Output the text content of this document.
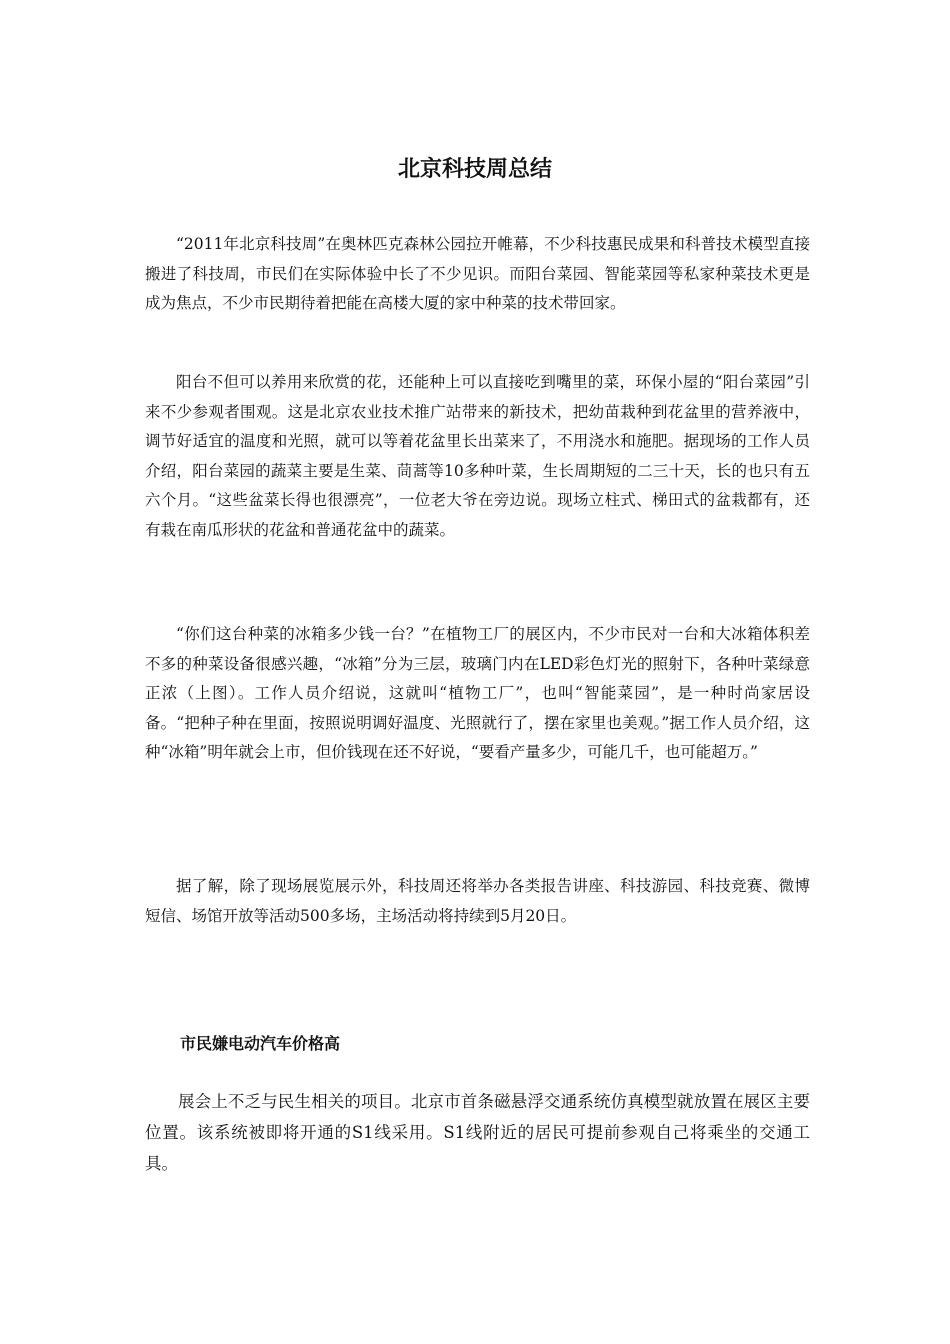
北京科技周总结

“2011年北京科技周”在奥林匹克森林公园拉开帷幕，不少科技惠民成果和科普技术模型直接搬进了科技周，市民们在实际体验中长了不少见识。而阳台菜园、智能菜园等私家种菜技术更是成为焦点，不少市民期待着把能在高楼大厦的家中种菜的技术带回家。

阳台不但可以养用来欣赏的花，还能种上可以直接吃到嘴里的菜，环保小屋的“阳台菜园”引来不少参观者围观。这是北京农业技术推广站带来的新技术，把幼苗栽种到花盆里的营养液中，调节好适宜的温度和光照，就可以等着花盆里长出菜来了，不用浇水和施肥。据现场的工作人员介绍，阳台菜园的蔬菜主要是生菜、茼蒿等10多种叶菜，生长周期短的二三十天，长的也只有五六个月。“这些盆菜长得也很漂亮”，一位老大爷在旁边说。现场立柱式、梯田式的盆栽都有，还有栽在南瓜形状的花盆和普通花盆中的蔬菜。

“你们这台种菜的冰箱多少钱一台？”在植物工厂的展区内，不少市民对一台和大冰箱体积差不多的种菜设备很感兴趣，“冰箱”分为三层，玻璃门内在LED彩色灯光的照射下，各种叶菜绿意正浓（上图）。工作人员介绍说，这就叫“植物工厂”，也叫“智能菜园”，是一种时尚家居设备。“把种子种在里面，按照说明调好温度、光照就行了，摆在家里也美观。”据工作人员介绍，这种“冰箱”明年就会上市，但价钱现在还不好说，“要看产量多少，可能几千，也可能超万。”

据了解，除了现场展览展示外，科技周还将举办各类报告讲座、科技游园、科技竞赛、微博短信、场馆开放等活动500多场，主场活动将持续到5月20日。

市民嫌电动汽车价格高

展会上不乏与民生相关的项目。北京市首条磁悬浮交通系统仿真模型就放置在展区主要位置。该系统被即将开通的S1线采用。S1线附近的居民可提前参观自己将乘坐的交通工具。
